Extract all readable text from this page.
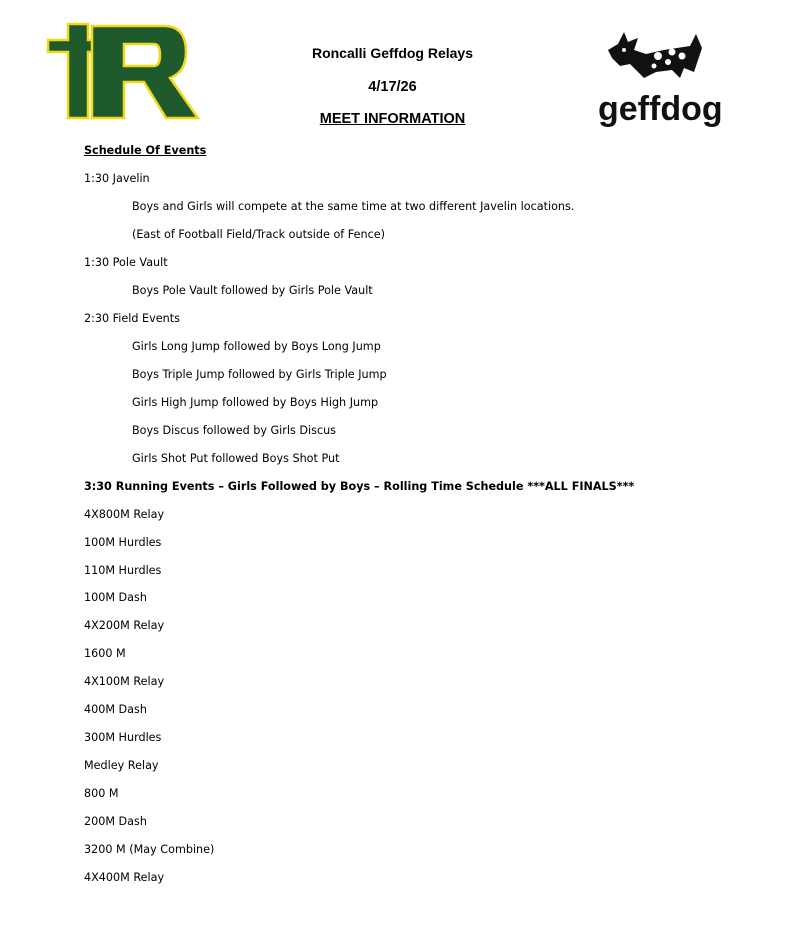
geffdog
Roncalli Geffdog Relays
4/17/26
MEET INFORMATION
Schedule Of Events
1:30 Javelin
Boys and Girls will compete at the same time at two different Javelin locations.
(East of Football Field/Track outside of Fence)
1:30 Pole Vault
Boys Pole Vault followed by Girls Pole Vault
2:30 Field Events
Girls Long Jump followed by Boys Long Jump
Boys Triple Jump followed by Girls Triple Jump
Girls High Jump followed by Boys High Jump
Boys Discus followed by Girls Discus
Girls Shot Put followed Boys Shot Put
3:30 Running Events – Girls Followed by Boys – Rolling Time Schedule ***ALL FINALS***
4X800M Relay
100M Hurdles
110M Hurdles
100M Dash
4X200M Relay
1600 M
4X100M Relay
400M Dash
300M Hurdles
Medley Relay
800 M
200M Dash
3200 M (May Combine)
4X400M Relay
